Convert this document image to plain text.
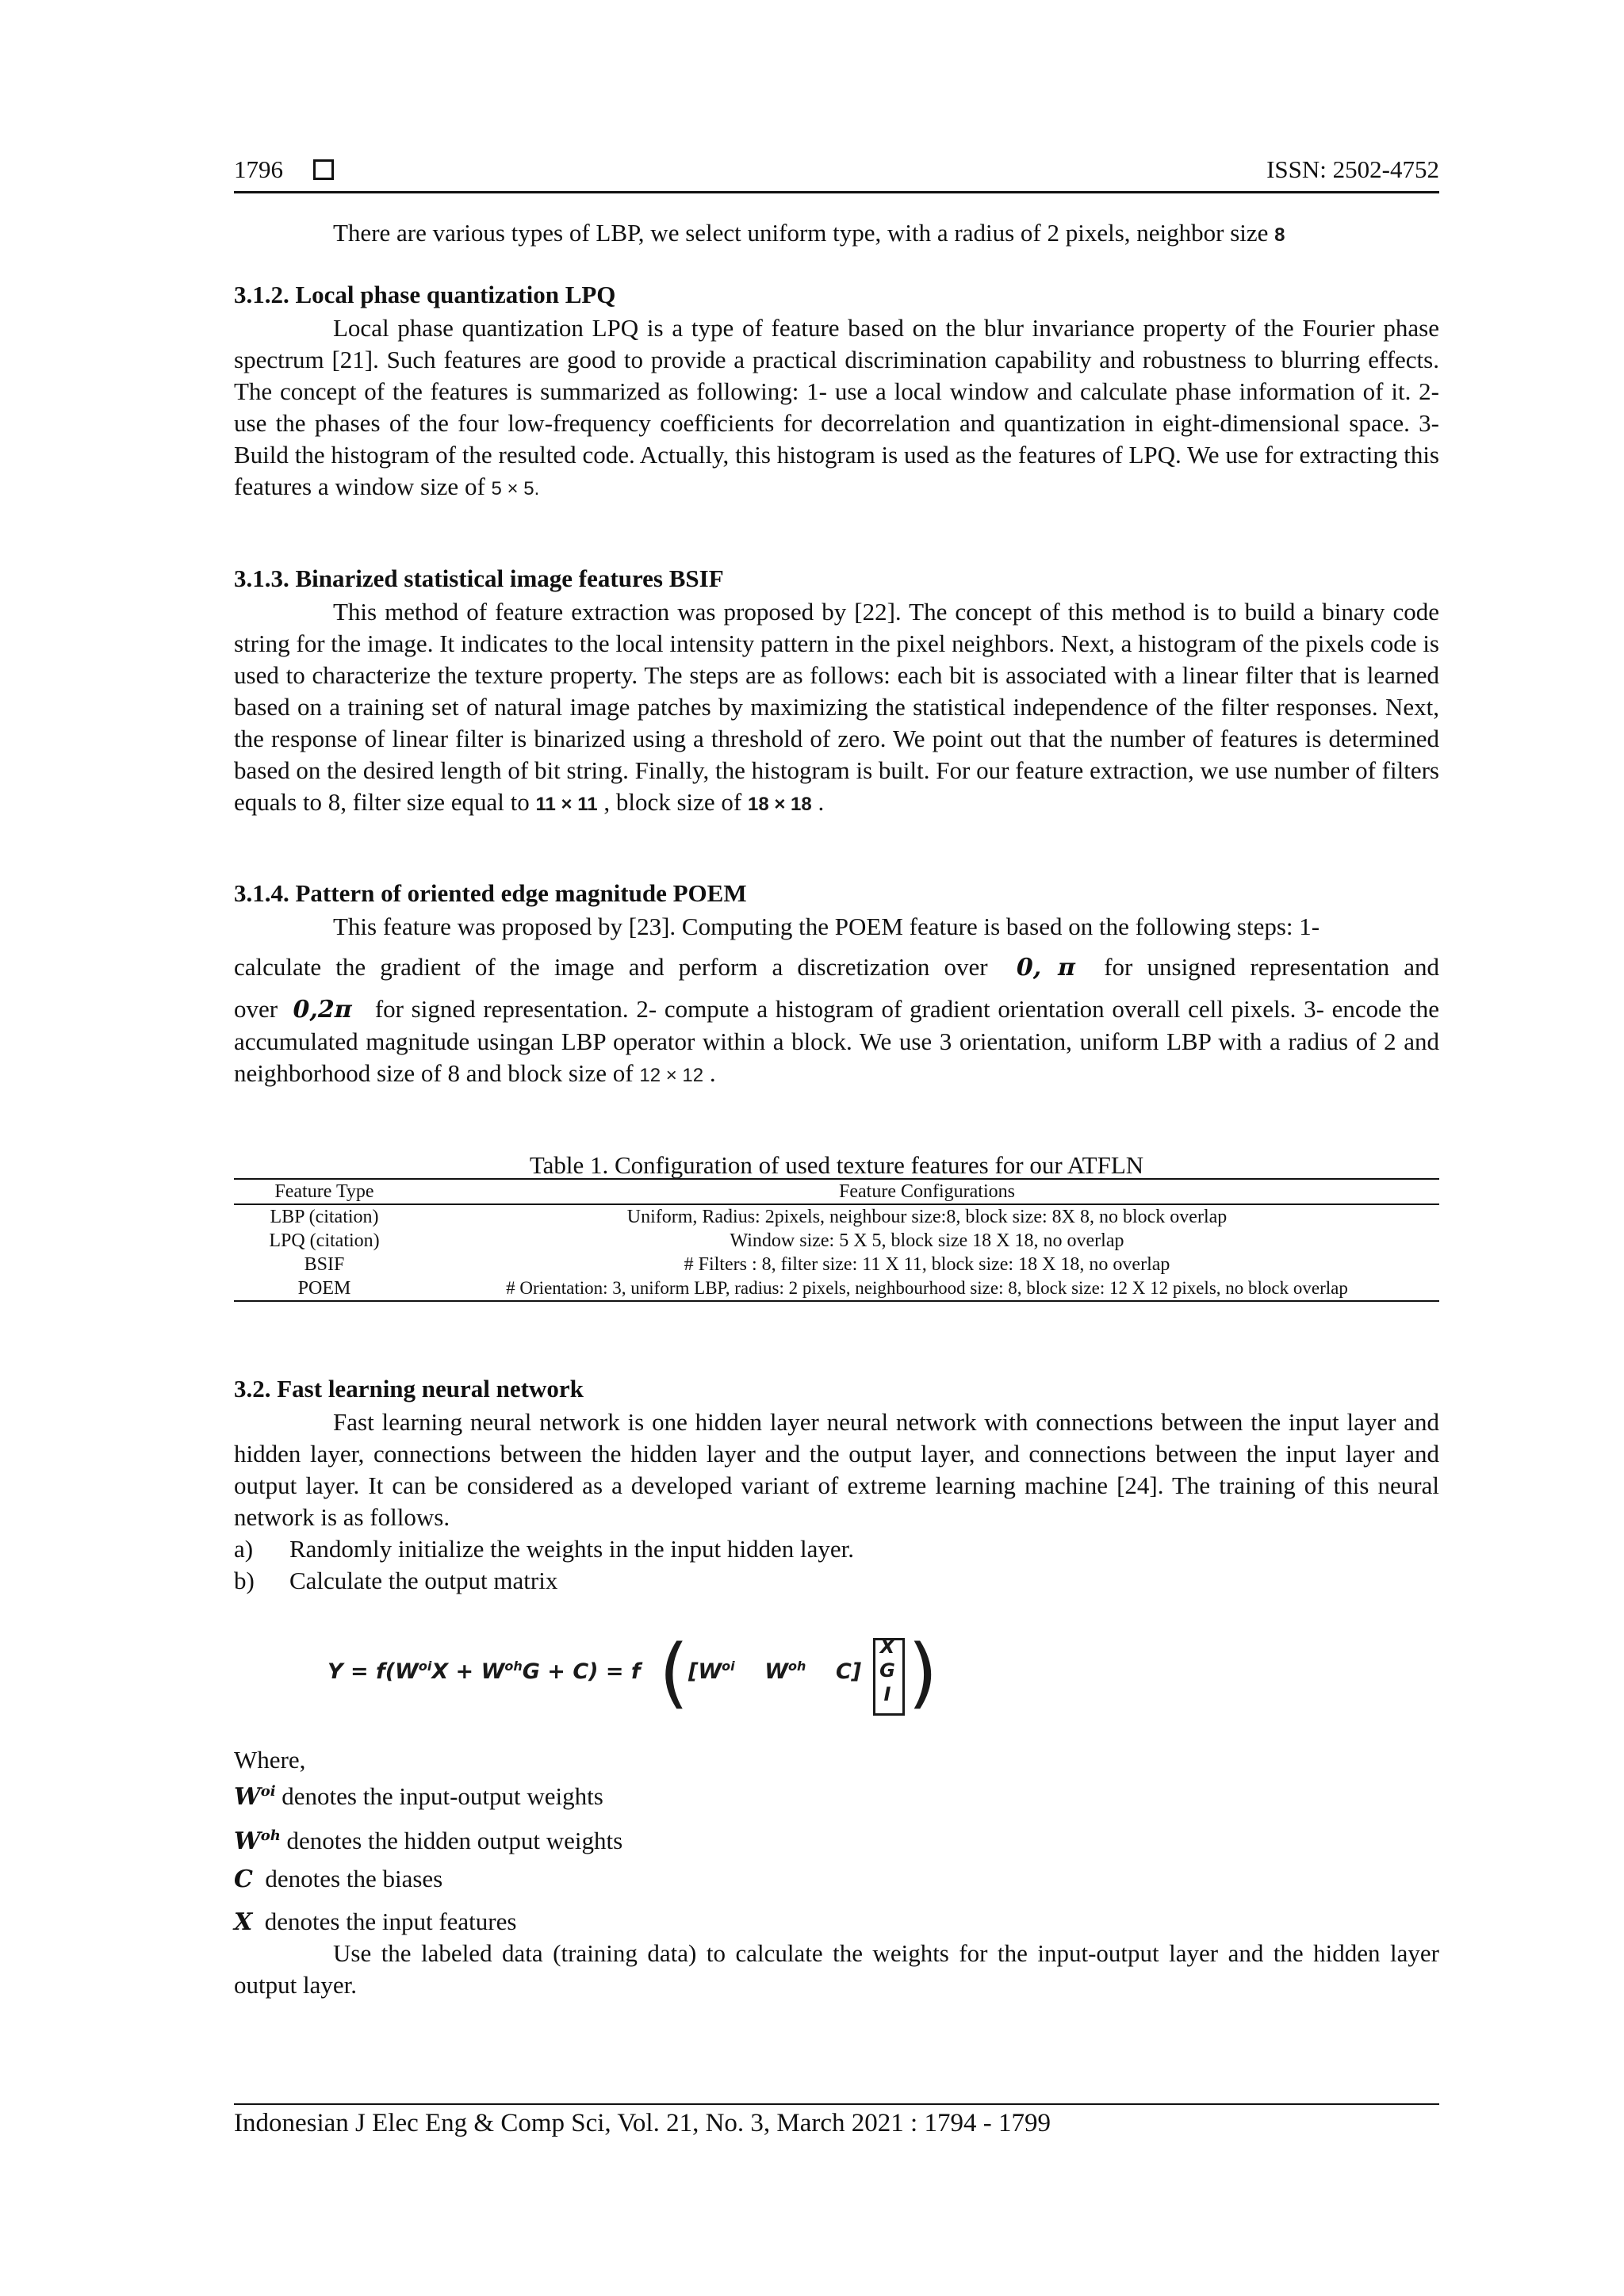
1796	ISSN: 2502-4752
There are various types of LBP, we select uniform type, with a radius of 2 pixels, neighbor size 8
3.1.2. Local phase quantization LPQ
Local phase quantization LPQ is a type of feature based on the blur invariance property of the Fourier phase spectrum [21]. Such features are good to provide a practical discrimination capability and robustness to blurring effects. The concept of the features is summarized as following: 1- use a local window and calculate phase information of it. 2- use the phases of the four low-frequency coefficients for decorrelation and quantization in eight-dimensional space. 3- Build the histogram of the resulted code. Actually, this histogram is used as the features of LPQ. We use for extracting this features a window size of 5 × 5.
3.1.3. Binarized statistical image features BSIF
This method of feature extraction was proposed by [22]. The concept of this method is to build a binary code string for the image. It indicates to the local intensity pattern in the pixel neighbors. Next, a histogram of the pixels code is used to characterize the texture property. The steps are as follows: each bit is associated with a linear filter that is learned based on a training set of natural image patches by maximizing the statistical independence of the filter responses. Next, the response of linear filter is binarized using a threshold of zero. We point out that the number of features is determined based on the desired length of bit string. Finally, the histogram is built. For our feature extraction, we use number of filters equals to 8, filter size equal to 11 × 11 , block size of 18 × 18 .
3.1.4. Pattern of oriented edge magnitude POEM
This feature was proposed by [23]. Computing the POEM feature is based on the following steps: 1-
calculate the gradient of the image and perform a discretization over 0, π for unsigned representation and
over 0,2π for signed representation. 2- compute a histogram of gradient orientation overall cell pixels. 3- encode the accumulated magnitude usingan LBP operator within a block. We use 3 orientation, uniform LBP with a radius of 2 and neighborhood size of 8 and block size of 12 × 12 .
Table 1. Configuration of used texture features for our ATFLN
Feature Type	Feature Configurations
LBP (citation)	Uniform, Radius: 2pixels, neighbour size:8, block size: 8X 8, no block overlap
LPQ (citation)	Window size: 5 X 5, block size 18 X 18, no overlap
BSIF	# Filters : 8, filter size: 11 X 11, block size: 18 X 18, no overlap
POEM	# Orientation: 3, uniform LBP, radius: 2 pixels, neighbourhood size: 8, block size: 12 X 12 pixels, no block overlap
3.2. Fast learning neural network
Fast learning neural network is one hidden layer neural network with connections between the input layer and hidden layer, connections between the hidden layer and the output layer, and connections between the input layer and output layer. It can be considered as a developed variant of extreme learning machine [24]. The training of this neural network is as follows.
a) Randomly initialize the weights in the input hidden layer.
b) Calculate the output matrix
$Y = f(W^{oi}X + W^{oh}G + C) = f$ ( [$W^{oi}$    $W^{oh}$    C]
X
G
I )
Where,
$W^{oi}$ denotes the input-output weights
$W^{oh}$ denotes the hidden output weights
C denotes the biases
X denotes the input features
Use the labeled data (training data) to calculate the weights for the input-output layer and the hidden layer output layer.
Indonesian J Elec Eng & Comp Sci, Vol. 21, No. 3, March 2021 : 1794 - 1799
